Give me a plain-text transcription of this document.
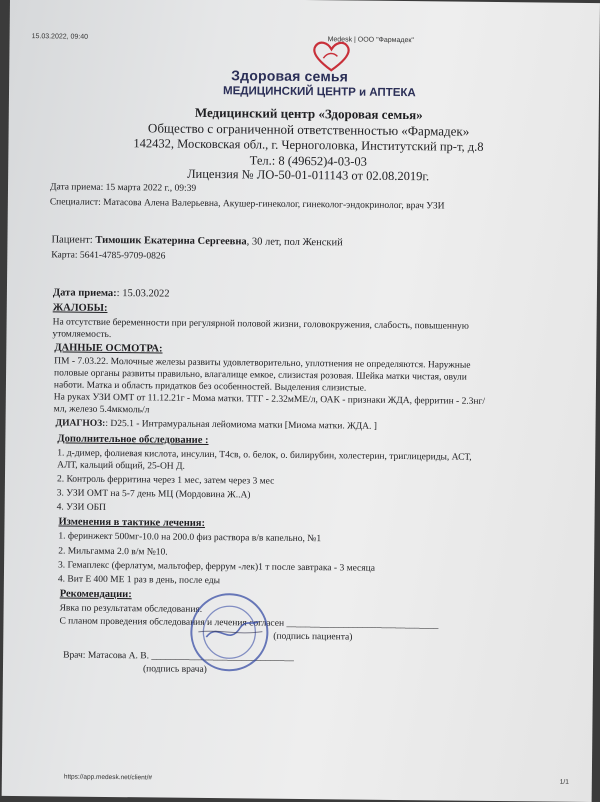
15.03.2022, 09:40	Medesk | ООО "Фармадек"
Здоровая семья
МЕДИЦИНСКИЙ ЦЕНТР и АПТЕКА
Медицинский центр «Здоровая семья»
Общество с ограниченной ответственностью «Фармадек»
142432, Московская обл., г. Черноголовка, Институтский пр-т, д.8
Тел.: 8 (49652)4-03-03
Лицензия № ЛО-50-01-011143 от 02.08.2019г.
Дата приема: 15 марта 2022 г., 09:39
Специалист: Матасова Алена Валерьевна, Акушер-гинеколог, гинеколог-эндокринолог, врач УЗИ
Пациент: Тимошик Екатерина Сергеевна, 30 лет, пол Женский
Карта: 5641-4785-9709-0826
Дата приема:: 15.03.2022
ЖАЛОБЫ:
На отсутствие беременности при регулярной половой жизни, головокружения, слабость, повышенную
утомляемость.
ДАННЫЕ ОСМОТРА:
ПМ - 7.03.22. Молочные железы развиты удовлетворительно, уплотнения не определяются. Наружные
половые органы развиты правильно, влагалище емкое, слизистая розовая. Шейка матки чистая, овули
наботи. Матка и область придатков без особенностей. Выделения слизистые.
На руках УЗИ ОМТ от 11.12.21г - Мома матки. ТТГ - 2.32мМЕ/л, ОАК - признаки ЖДА, ферритин - 2.3нг/
мл, железо 5.4мкмоль/л
ДИАГНОЗ:: D25.1 - Интрамуральная лейомиома матки [Миома матки. ЖДА. ]
Дополнительное обследование :
1. д-димер, фолиевая кислота, инсулин, Т4св, о. белок, о. билирубин, холестерин, триглицериды, АСТ,
АЛТ, кальций общий, 25-ОН Д.
2. Контроль ферритина через 1 мес, затем через 3 мес
3. УЗИ ОМТ на 5-7 день МЦ (Мордовина Ж..А)
4. УЗИ ОБП
Изменения в тактике лечения:
1. феринжект 500мг-10.0 на 200.0 физ раствора в/в капельно, №1
2. Мильгамма 2.0 в/м №10.
3. Гемаплекс (ферлатум, мальтофер, феррум -лек)1 т после завтрака - 3 месяца
4. Вит Е 400 МЕ 1 раз в день, после еды
Рекомендации:
Явка по результатам обследования.
С планом проведения обследования и лечения согласен ________________________________
(подпись пациента)
Врач: Матасова А. В. ______________________________
(подпись врача)
https://app.medesk.net/client/#
1/1
